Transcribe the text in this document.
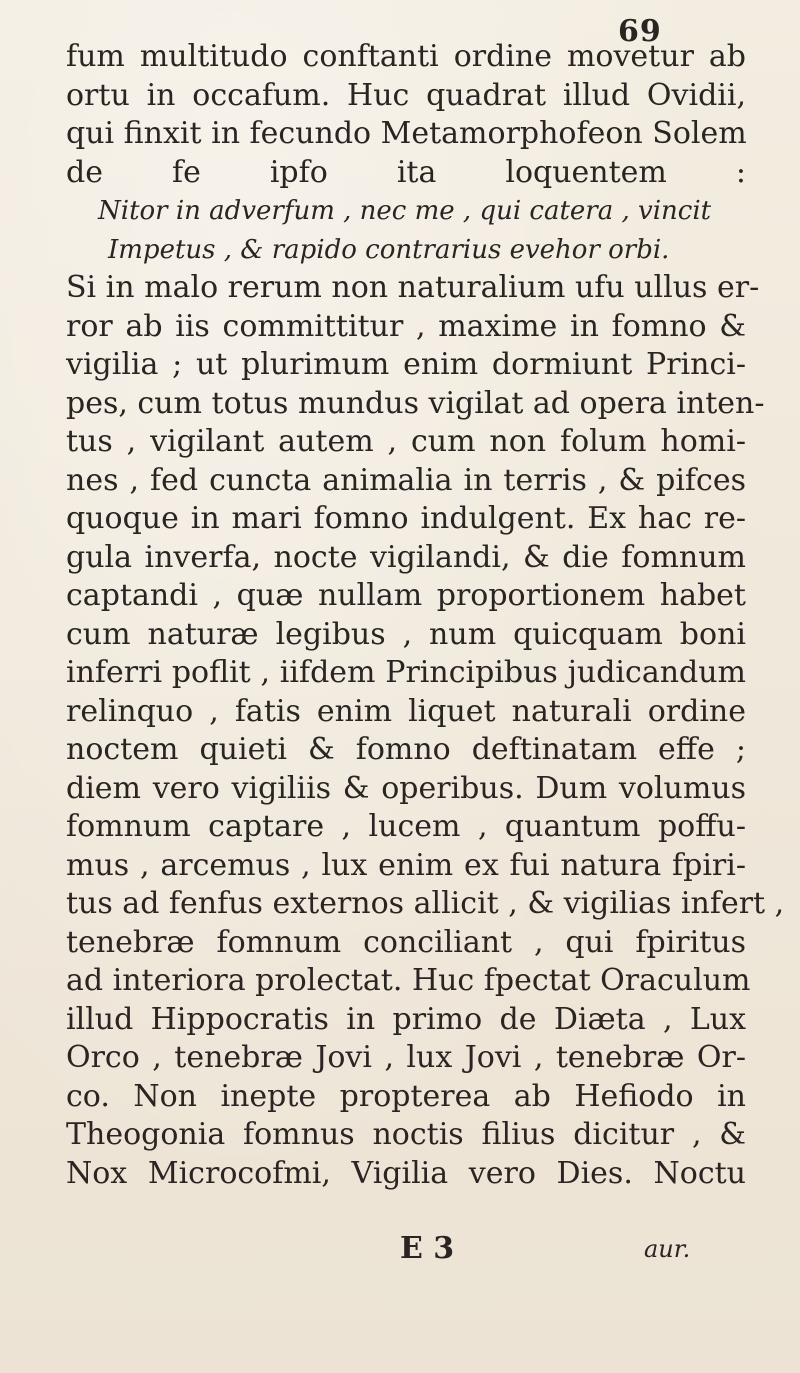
69
fum multitudo conftanti ordine movetur ab
ortu in occafum. Huc quadrat illud Ovidii,
qui finxit in fecundo Metamorphofeon Solem
de fe ipfo ita loquentem :
Nitor in adverfum , nec me , qui catera , vincit
Impetus , & rapido contrarius evehor orbi.
Si in malo rerum non naturalium ufu ullus er-
ror ab iis committitur , maxime in fomno &
vigilia ; ut plurimum enim dormiunt Princi-
pes, cum totus mundus vigilat ad opera inten-
tus , vigilant autem , cum non folum homi-
nes , fed cuncta animalia in terris , & pifces
quoque in mari fomno indulgent. Ex hac re-
gula inverfa, nocte vigilandi, & die fomnum
captandi , quæ nullam proportionem habet
cum naturæ legibus , num quicquam boni
inferri poflit , iifdem Principibus judicandum
relinquo , fatis enim liquet naturali ordine
noctem quieti & fomno deftinatam effe ;
diem vero vigiliis & operibus. Dum volumus
fomnum captare , lucem , quantum poffu-
mus , arcemus , lux enim ex fui natura fpiri-
tus ad fenfus externos allicit , & vigilias infert ,
tenebræ fomnum conciliant , qui fpiritus
ad interiora prolectat. Huc fpectat Oraculum
illud Hippocratis in primo de Diæta , Lux
Orco , tenebræ Jovi , lux Jovi , tenebræ Or-
co. Non inepte propterea ab Hefiodo in
Theogonia fomnus noctis filius dicitur , &
Nox Microcofmi, Vigilia vero Dies. Noctu
E 3	aur.
